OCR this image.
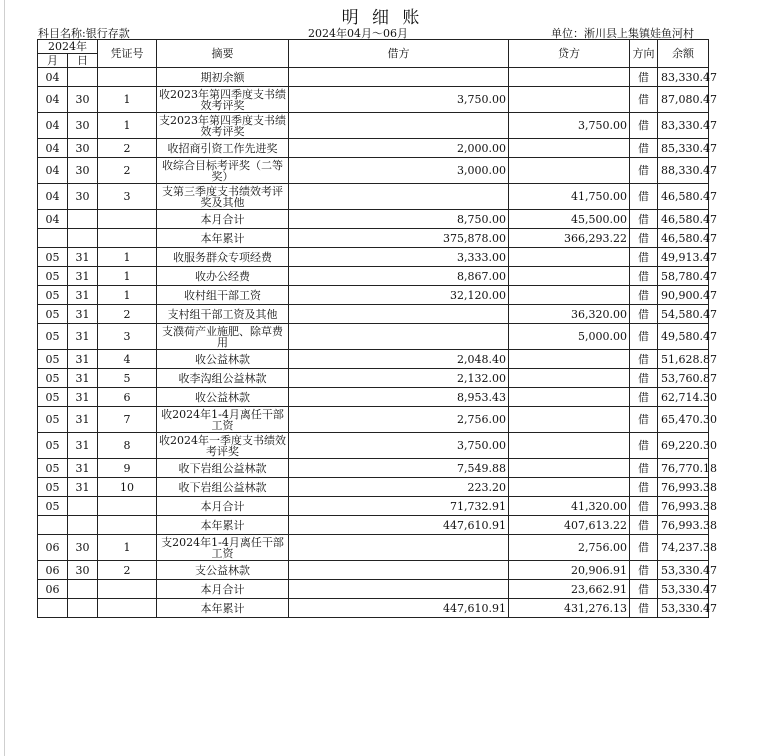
明 细 账
科目名称:银行存款	2024年04月～06月	单位：淅川县上集镇娃鱼河村
2024年		凭证号	摘要	借方	贷方	方向	余额
月	日						
04			期初余额			借	83,330.47
04	30	1	收2023年第四季度支书绩效考评奖	3,750.00		借	87,080.47
04	30	1	支2023年第四季度支书绩效考评奖		3,750.00	借	83,330.47
04	30	2	收招商引资工作先进奖	2,000.00		借	85,330.47
04	30	2	收综合目标考评奖（二等奖）	3,000.00		借	88,330.47
04	30	3	支第三季度支书绩效考评奖及其他		41,750.00	借	46,580.47
04			本月合计	8,750.00	45,500.00	借	46,580.47
			本年累计	375,878.00	366,293.22	借	46,580.47
05	31	1	收服务群众专项经费	3,333.00		借	49,913.47
05	31	1	收办公经费	8,867.00		借	58,780.47
05	31	1	收村组干部工资	32,120.00		借	90,900.47
05	31	2	支村组干部工资及其他		36,320.00	借	54,580.47
05	31	3	支濮荷产业施肥、除草费用		5,000.00	借	49,580.47
05	31	4	收公益林款	2,048.40		借	51,628.87
05	31	5	收李沟组公益林款	2,132.00		借	53,760.87
05	31	6	收公益林款	8,953.43		借	62,714.30
05	31	7	收2024年1-4月离任干部工资	2,756.00		借	65,470.30
05	31	8	收2024年一季度支书绩效考评奖	3,750.00		借	69,220.30
05	31	9	收下岩组公益林款	7,549.88		借	76,770.18
05	31	10	收下岩组公益林款	223.20		借	76,993.38
05			本月合计	71,732.91	41,320.00	借	76,993.38
			本年累计	447,610.91	407,613.22	借	76,993.38
06	30	1	支2024年1-4月离任干部工资		2,756.00	借	74,237.38
06	30	2	支公益林款		20,906.91	借	53,330.47
06			本月合计		23,662.91	借	53,330.47
			本年累计	447,610.91	431,276.13	借	53,330.47
